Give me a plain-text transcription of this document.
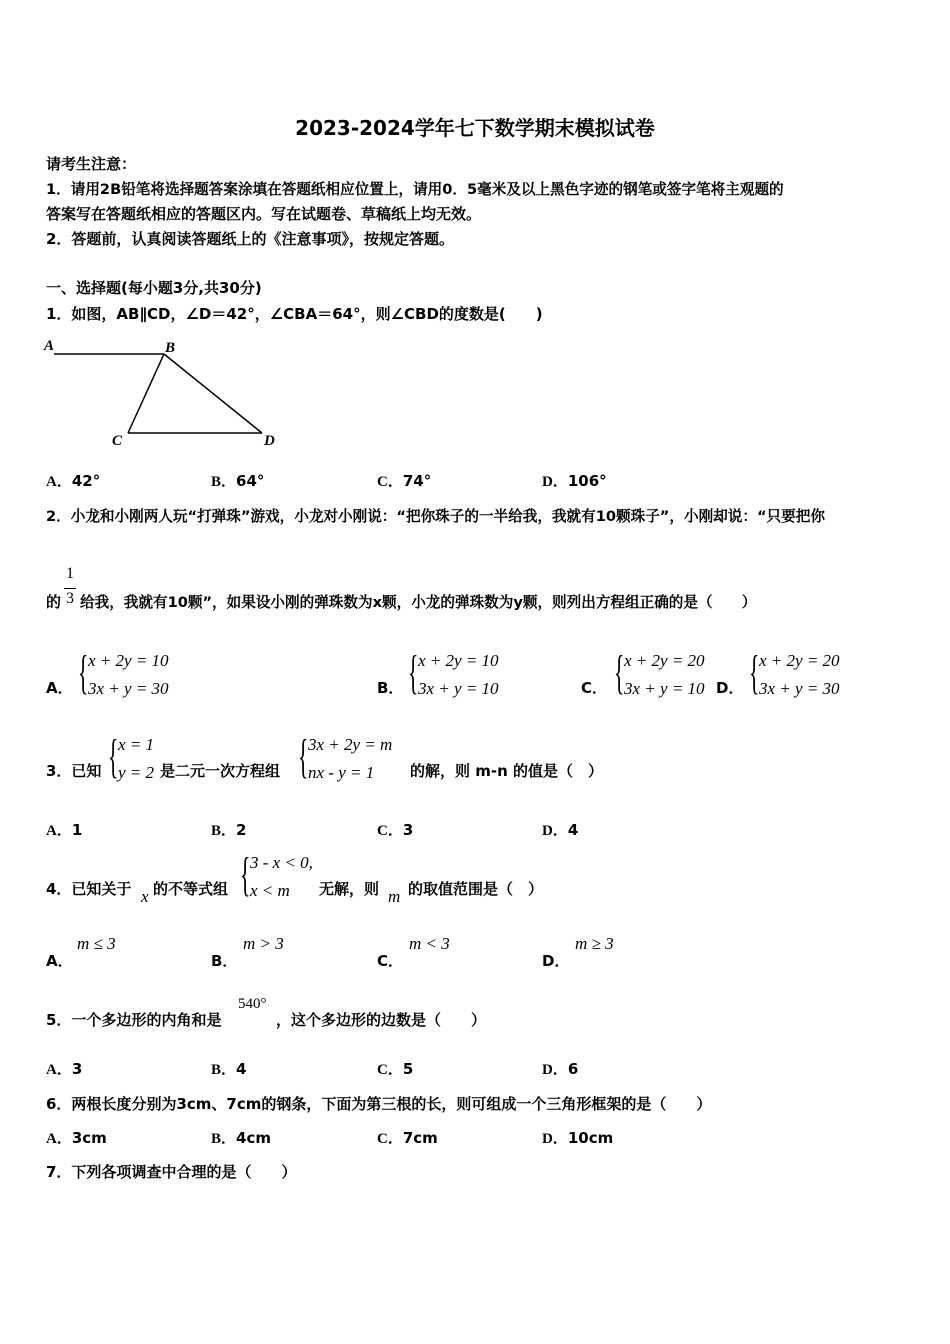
2023-2024学年七下数学期末模拟试卷
请考生注意：
1．请用2B铅笔将选择题答案涂填在答题纸相应位置上，请用0．5毫米及以上黑色字迹的钢笔或签字笔将主观题的
答案写在答题纸相应的答题区内。写在试题卷、草稿纸上均无效。
2．答题前，认真阅读答题纸上的《注意事项》，按规定答题。
一、选择题(每小题3分,共30分)
1．如图，AB∥CD，∠D＝42°，∠CBA＝64°，则∠CBD的度数是(　　)
A	B
C	D
A．42°	B．64°	C．74°	D．106°
2．小龙和小刚两人玩“打弹珠”游戏，小龙对小刚说：“把你珠子的一半给我，我就有10颗珠子”，小刚却说：“只要把你
1
3
的 给我，我就有10颗”，如果设小刚的弹珠数为x颗，小龙的弹珠数为y颗，则列出方程组正确的是（　　）
A． { x + 2y = 10
3x + y = 30	B． { x + 2y = 10
3x + y = 10	C． { x + 2y = 20
3x + y = 10 D． { x + 2y = 20
3x + y = 30
3．已知 { x = 1
y = 2 是二元一次方程组 { 3x + 2y = m
nx - y = 1	的解，则 m-n 的值是（　）
A．1	B．2	C．3	D．4
4．已知关于 x 的不等式组 { 3 - x < 0,
x < m	无解，则 m 的取值范围是（　）
A．
m ≤ 3
B．
m > 3
C．
m < 3
D．
m ≥ 3
5．一个多边形的内角和是
540°
，这个多边形的边数是（　　）
A．3	B．4	C．5	D．6
6．两根长度分别为3cm、7cm的钢条，下面为第三根的长，则可组成一个三角形框架的是（　　）
A．3cm	B．4cm	C．7cm	D．10cm
7．下列各项调查中合理的是（　　）
